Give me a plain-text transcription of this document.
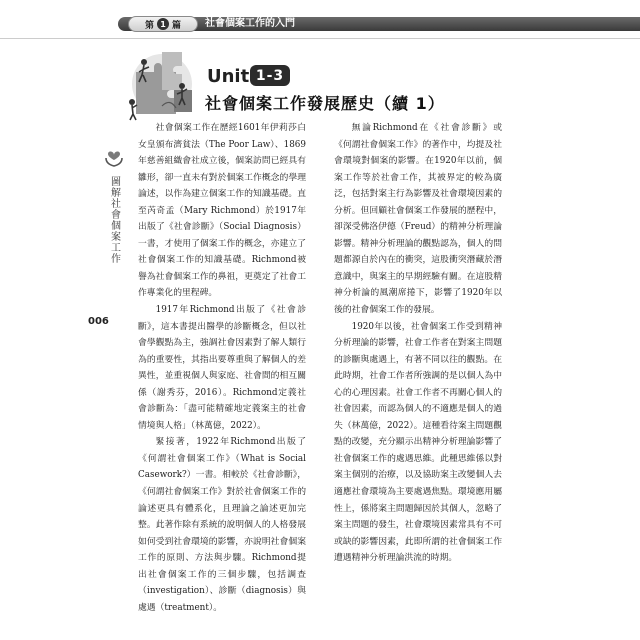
第 1 篇 社會個案工作的入門
Unit 1-3
社會個案工作發展歷史（續 1）
圖解社會個案工作
006

社會個案工作在歷經1601年伊莉莎白女皇頒布濟貧法（The Poor Law）、1869年慈善組織會社成立後，個案訪問已經具有雛形，卻一直未有對於個案工作概念的學理論述，以作為建立個案工作的知識基礎。直至芮奇孟（Mary Richmond）於1917年出版了《社會診斷》（Social Diagnosis）一書，才使用了個案工作的概念，亦建立了社會個案工作的知識基礎。Richmond被譽為社會個案工作的鼻祖，更奠定了社會工作專業化的里程碑。

1917年Richmond出版了《社會診斷》，這本書提出醫學的診斷概念，但以社會學觀點為主，強調社會因素對了解人類行為的重要性，其指出要尊重與了解個人的差異性，並重視個人與家庭、社會間的相互關係（謝秀芬，2016）。Richmond定義社會診斷為：「盡可能精確地定義案主的社會情境與人格」（林萬億，2022）。

緊接著，1922年Richmond出版了《何謂社會個案工作》（What is Social Casework?）一書。相較於《社會診斷》，《何謂社會個案工作》對於社會個案工作的論述更具有體系化，且理論之論述更加完整。此著作除有系統的說明個人的人格發展如何受到社會環境的影響，亦說明社會個案工作的原則、方法與步驟。Richmond提出社會個案工作的三個步驟，包括調查（investigation）、診斷（diagnosis）與處遇（treatment）。

無論Richmond在《社會診斷》或《何謂社會個案工作》的著作中，均提及社會環境對個案的影響。在1920年以前，個案工作等於社會工作，其被界定的較為廣泛，包括對案主行為影響及社會環境因素的分析。但回顧社會個案工作發展的歷程中，卻深受佛洛伊德（Freud）的精神分析理論影響。精神分析理論的觀點認為，個人的問題都源自於內在的衝突，這股衝突潛藏於潛意識中，與案主的早期經驗有關。在這股精神分析論的風潮席捲下，影響了1920年以後的社會個案工作的發展。

1920年以後，社會個案工作受到精神分析理論的影響，社會工作者在對案主問題的診斷與處遇上，有著不同以往的觀點。在此時期，社會工作者所強調的是以個人為中心的心理因素。社會工作者不再關心個人的社會因素，而認為個人的不適應是個人的過失（林萬億，2022）。這種看待案主問題觀點的改變，充分顯示出精神分析理論影響了社會個案工作的處遇思維。此種思維係以對案主個別的治療，以及協助案主改變個人去適應社會環境為主要處遇焦點。環境應用屬性上，係將案主問題歸因於其個人，忽略了案主問題的發生，社會環境因素常具有不可或缺的影響因素，此即所謂的社會個案工作遭遇精神分析理論洪流的時期。
